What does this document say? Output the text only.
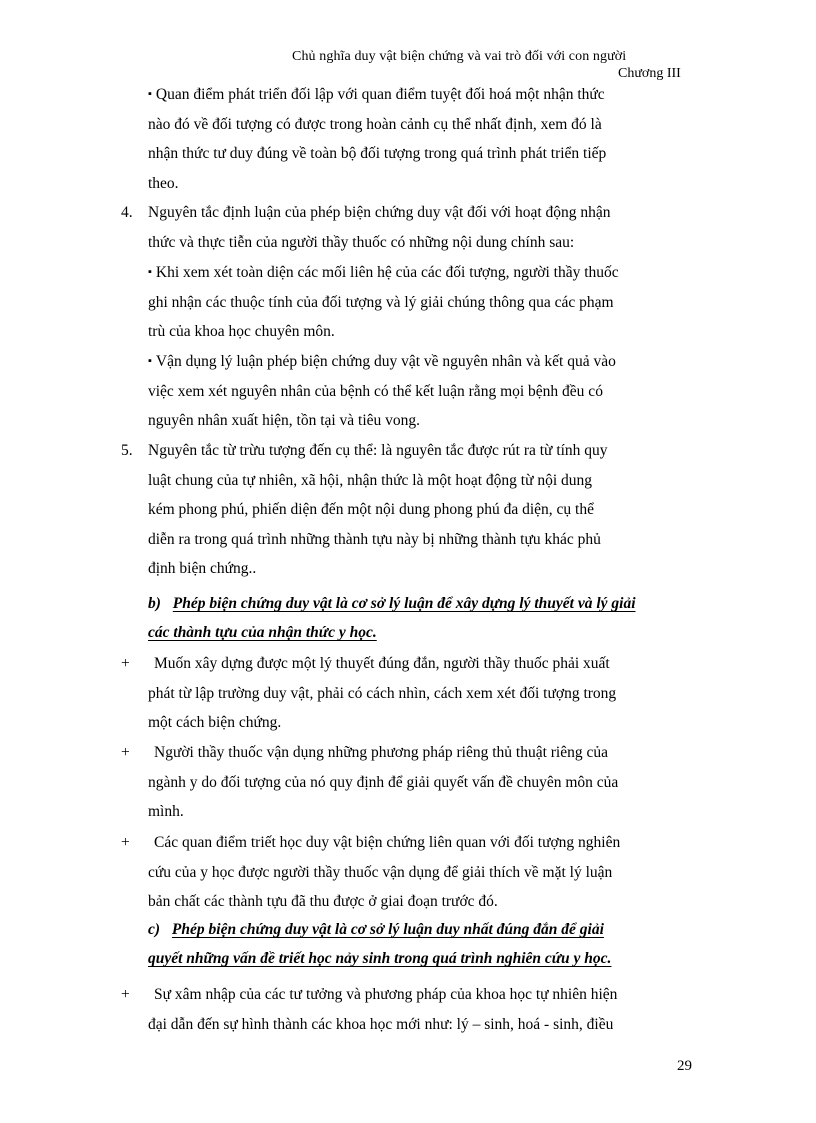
Chủ nghĩa duy vật biện chứng và vai trò đối với con người
Chương III
▪ Quan điểm phát triển đối lập với quan điểm tuyệt đối hoá một nhận thức
nào đó về đối tượng có được trong hoàn cảnh cụ thể nhất định, xem đó là
nhận thức tư duy đúng về toàn bộ đối tượng trong quá trình phát triển tiếp
theo.
4. Nguyên tắc định luận của phép biện chứng duy vật đối với hoạt động nhận
thức và thực tiễn của người thầy thuốc có những nội dung chính sau:
▪ Khi xem xét toàn diện các mối liên hệ của các đối tượng, người thầy thuốc
ghi nhận các thuộc tính của đối tượng và lý giải chúng thông qua các phạm
trù của khoa học chuyên môn.
▪ Vận dụng lý luận phép biện chứng duy vật về nguyên nhân và kết quả vào
việc xem xét nguyên nhân của bệnh có thể kết luận rằng mọi bệnh đều có
nguyên nhân xuất hiện, tồn tại và tiêu vong.
5. Nguyên tắc từ trừu tượng đến cụ thể: là nguyên tắc được rút ra từ tính quy
luật chung của tự nhiên, xã hội, nhận thức là một hoạt động từ nội dung
kém phong phú, phiến diện đến một nội dung phong phú đa diện, cụ thể
diễn ra trong quá trình những thành tựu này bị những thành tựu khác phủ
định biện chứng..
b) Phép biện chứng duy vật là cơ sở lý luận để xây dựng lý thuyết và lý giải
các thành tựu của nhận thức y học.
+	Muốn xây dựng được một lý thuyết đúng đắn, người thầy thuốc phải xuất
phát từ lập trường duy vật, phải có cách nhìn, cách xem xét đối tượng trong
một cách biện chứng.
+	Người thầy thuốc vận dụng những phương pháp riêng thủ thuật riêng của
ngành y do đối tượng của nó quy định để giải quyết vấn đề chuyên môn của
mình.
+	Các quan điểm triết học duy vật biện chứng liên quan với đối tượng nghiên
cứu của y học được người thầy thuốc vận dụng để giải thích về mặt lý luận
bản chất các thành tựu đã thu được ở giai đoạn trước đó.
c) Phép biện chứng duy vật là cơ sở lý luận duy nhất đúng đắn để giải
quyết những vấn đề triết học nảy sinh trong quá trình nghiên cứu y học.
+	Sự xâm nhập của các tư tưởng và phương pháp của khoa học tự nhiên hiện
đại dẫn đến sự hình thành các khoa học mới như: lý – sinh, hoá - sinh, điều
29
